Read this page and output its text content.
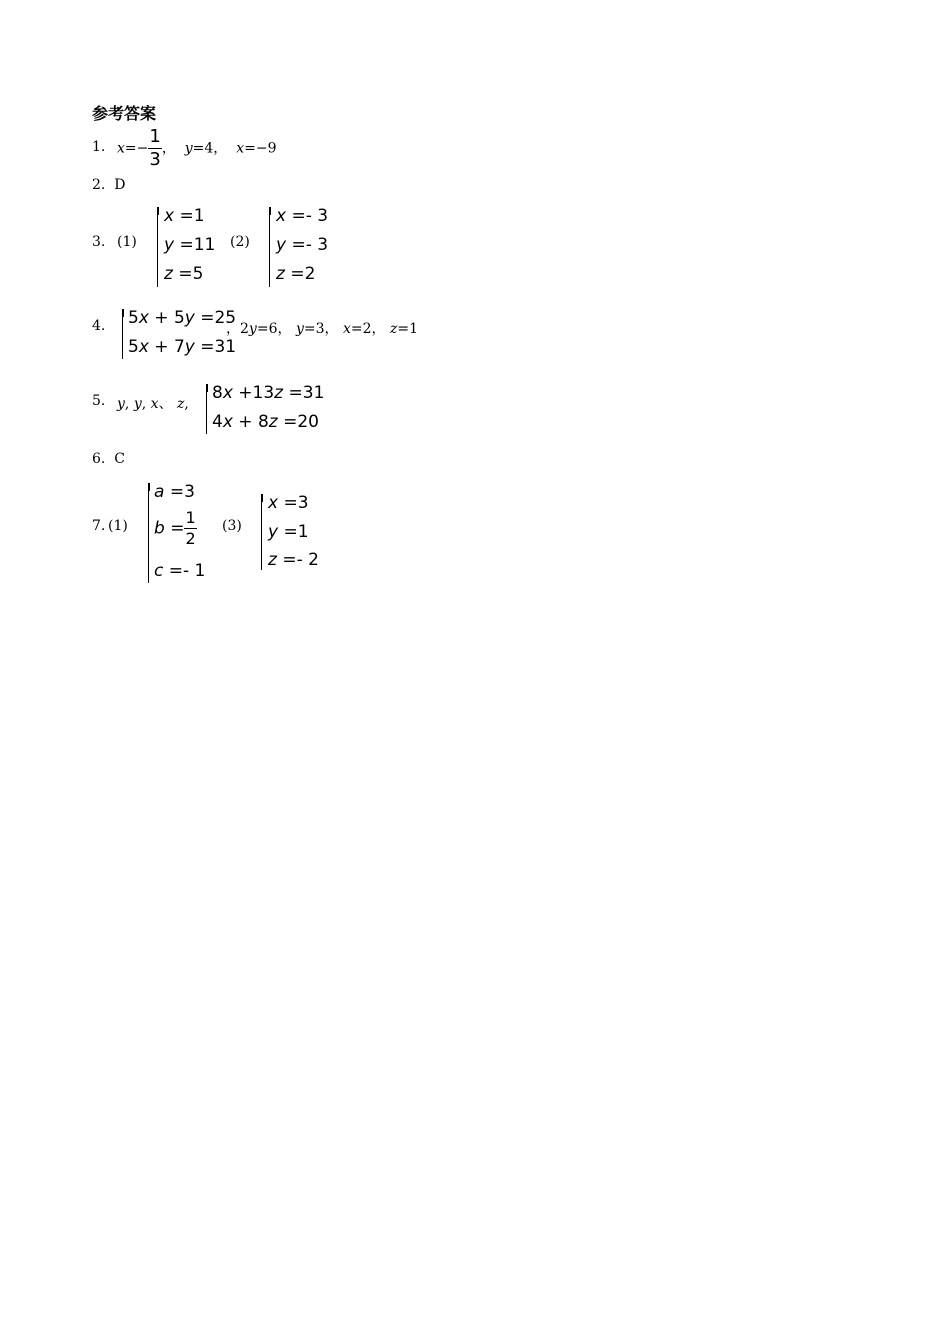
参考答案
1. $x=- \frac{1}{3}$ ， y=4， x=−9
2. D
3. (1)
x =1
y =11
z =5
(2)
x =- 3
y =- 3
z =2
4. 5x + 5y =25
5x + 7y =31
，2y=6， y=3， x=2， z=1
5. y, y, x、 z,
8x +13z =31
4x + 8z =20
6. C
7. (1)
a =3
$b = \frac{1}{2}$
c =- 1
(3)
x =3
y =1
z =- 2
